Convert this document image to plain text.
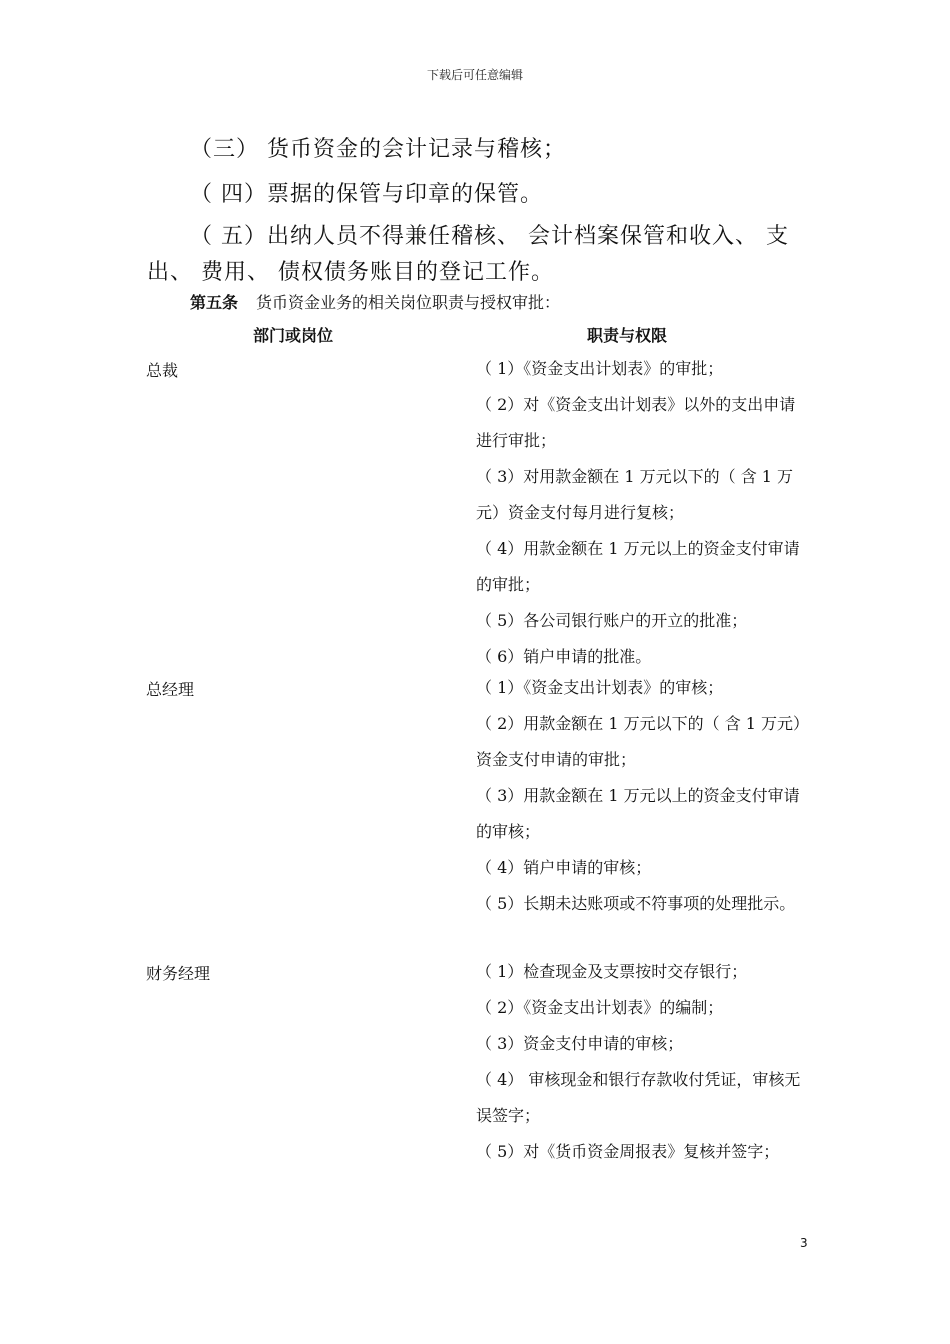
下载后可任意编辑
（三） 货币资金的会计记录与稽核；
（ 四）票据的保管与印章的保管。
（ 五）出纳人员不得兼任稽核、 会计档案保管和收入、 支
出、 费用、 债权债务账目的登记工作。
第五条 货币资金业务的相关岗位职责与授权审批：
部门或岗位	职责与权限
总裁	（ 1）《资金支出计划表》的审批；
（ 2）对《资金支出计划表》以外的支出申请进行审批；
（ 3）对用款金额在 1 万元以下的（ 含 1 万元）资金支付每月进行复核；
（ 4）用款金额在 1 万元以上的资金支付审请的审批；
（ 5）各公司银行账户的开立的批准；
（ 6）销户申请的批准。
总经理	（ 1）《资金支出计划表》的审核；
（ 2）用款金额在 1 万元以下的（ 含 1 万元）资金支付申请的审批；
（ 3）用款金额在 1 万元以上的资金支付审请的审核；
（ 4）销户申请的审核；
（ 5）长期未达账项或不符事项的处理批示。
财务经理	（ 1）检查现金及支票按时交存银行；
（ 2）《资金支出计划表》的编制；
（ 3）资金支付申请的审核；
（ 4） 审核现金和银行存款收付凭证，审核无误签字；
（ 5）对《货币资金周报表》复核并签字；
3
